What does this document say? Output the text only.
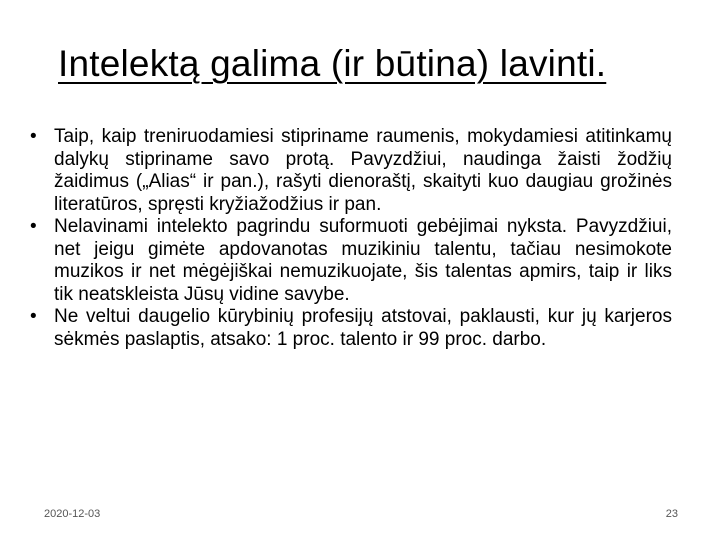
Intelektą galima (ir būtina) lavinti.
• Taip, kaip treniruodamiesi stipriname raumenis, mokydamiesi atitinkamų dalykų stipriname savo protą. Pavyzdžiui, naudinga žaisti žodžių žaidimus („Alias“ ir pan.), rašyti dienoraštį, skaityti kuo daugiau grožinės literatūros, spręsti kryžiažodžius ir pan.
• Nelavinami intelekto pagrindu suformuoti gebėjimai nyksta. Pavyzdžiui, net jeigu gimėte apdovanotas muzikiniu talentu, tačiau nesimokote muzikos ir net mėgėjiškai nemuzikuojate, šis talentas apmirs, taip ir liks tik neatskleista Jūsų vidine savybe.
• Ne veltui daugelio kūrybinių profesijų atstovai, paklausti, kur jų karjeros sėkmės paslaptis, atsako: 1 proc. talento ir 99 proc. darbo.
2020-12-03	23
